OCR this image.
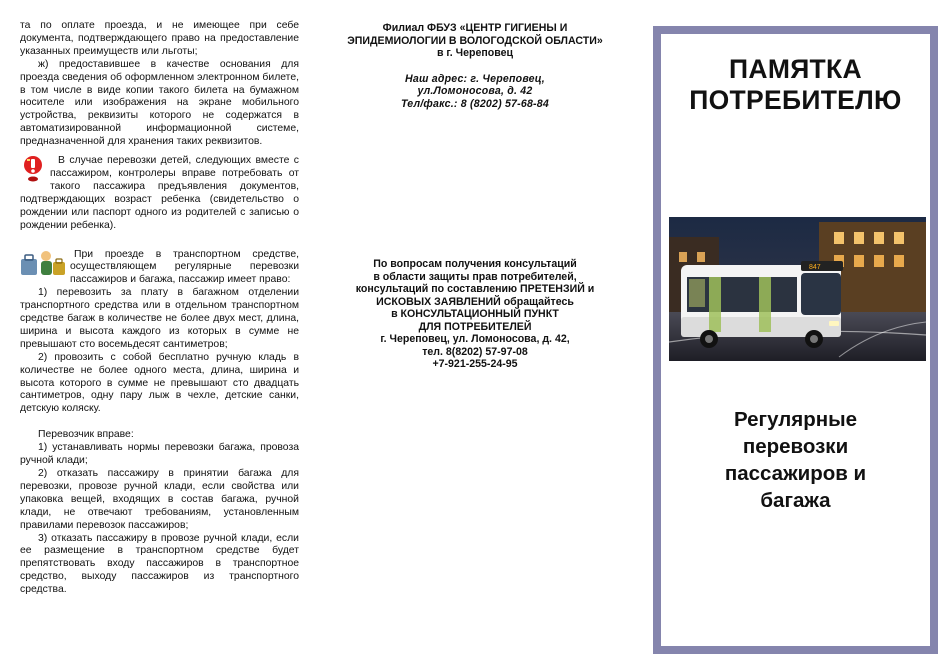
та по оплате проезда, и не имеющее при себе документа, подтверждающего право на предоставление указанных преимуществ или льготы;

ж) предоставившее в качестве основания для проезда сведения об оформленном электронном билете, в том числе в виде копии такого билета на бумажном носителе или изображения на экране мобильного устройства, реквизиты которого не содержатся в автоматизированной информационной системе, предназначенной для хранения таких реквизитов.

В случае перевозки детей, следующих вместе с пассажиром, контролеры вправе потребовать от такого пассажира предъявления документов, подтверждающих возраст ребенка (свидетельство о рождении или паспорт одного из родителей с записью о рождении ребенка).

При проезде в транспортном средстве, осуществляющем регулярные перевозки пассажиров и багажа, пассажир имеет право:

1) перевозить за плату в багажном отделении транспортного средства или в отдельном транспортном средстве багаж в количестве не более двух мест, длина, ширина и высота каждого из которых в сумме не превышают сто восемьдесят сантиметров;

2) провозить с собой бесплатно ручную кладь в количестве не более одного места, длина, ширина и высота которого в сумме не превышают сто двадцать сантиметров, одну пару лыж в чехле, детские санки, детскую коляску.

Перевозчик вправе:

1) устанавливать нормы перевозки багажа, провоза ручной клади;

2) отказать пассажиру в принятии багажа для перевозки, провозе ручной клади, если свойства или упаковка вещей, входящих в состав багажа, ручной клади, не отвечают требованиям, установленным правилами перевозок пассажиров;

3) отказать пассажиру в провозе ручной клади, если ее размещение в транспортном средстве будет препятствовать входу пассажиров в транспортное средство, выходу пассажиров из транспортного средства.

Филиал ФБУЗ «ЦЕНТР ГИГИЕНЫ И

ЭПИДЕМИОЛОГИИ В ВОЛОГОДСКОЙ ОБЛАСТИ»

в г. Череповец

Наш адрес: г. Череповец,

ул.Ломоносова, д. 42

Тел/факс.: 8 (8202) 57-68-84

По вопросам получения консультаций

в области защиты прав потребителей,

консультаций по составлению ПРЕТЕНЗИЙ и

ИСКОВЫХ ЗАЯВЛЕНИЙ обращайтесь

в КОНСУЛЬТАЦИОННЫЙ ПУНКТ

ДЛЯ ПОТРЕБИТЕЛЕЙ

г. Череповец, ул. Ломоносова, д. 42,

тел. 8(8202) 57-97-08

+7-921-255-24-95

ПАМЯТКА
ПОТРЕБИТЕЛЮ
847
Регулярные
перевозки
пассажиров и
багажа
